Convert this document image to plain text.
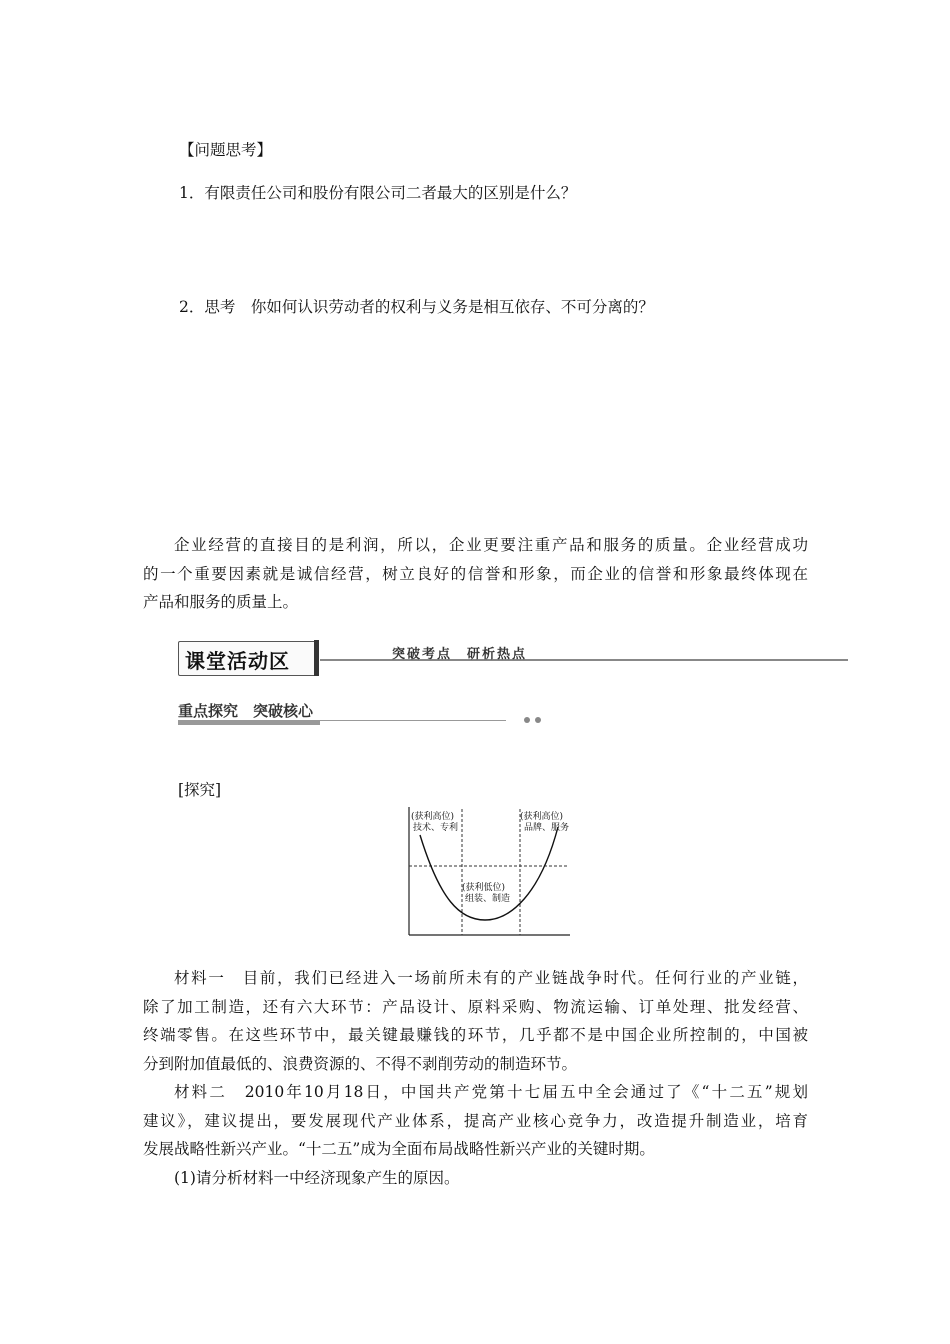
【问题思考】
1．有限责任公司和股份有限公司二者最大的区别是什么？
2．思考　你如何认识劳动者的权利与义务是相互依存、不可分离的？

企业经营的直接目的是利润，所以，企业更要注重产品和服务的质量。企业经营成功

的一个重要因素就是诚信经营，树立良好的信誉和形象，而企业的信誉和形象最终体现在

产品和服务的质量上。

课堂活动区	突破考点　研析热点
重点探究　突破核心
[探究]
(获利高位)
技术、专利
(获利高位)
品牌、服务
(获利低位)
组装、制造

材料一　目前，我们已经进入一场前所未有的产业链战争时代。任何行业的产业链，

除了加工制造，还有六大环节：产品设计、原料采购、物流运输、订单处理、批发经营、

终端零售。在这些环节中，最关键最赚钱的环节，几乎都不是中国企业所控制的，中国被

分到附加值最低的、浪费资源的、不得不剥削劳动的制造环节。

材料二　2010年10月18日，中国共产党第十七届五中全会通过了《“十二五”规划

建议》，建议提出，要发展现代产业体系，提高产业核心竞争力，改造提升制造业，培育

发展战略性新兴产业。“十二五”成为全面布局战略性新兴产业的关键时期。

(1)请分析材料一中经济现象产生的原因。
